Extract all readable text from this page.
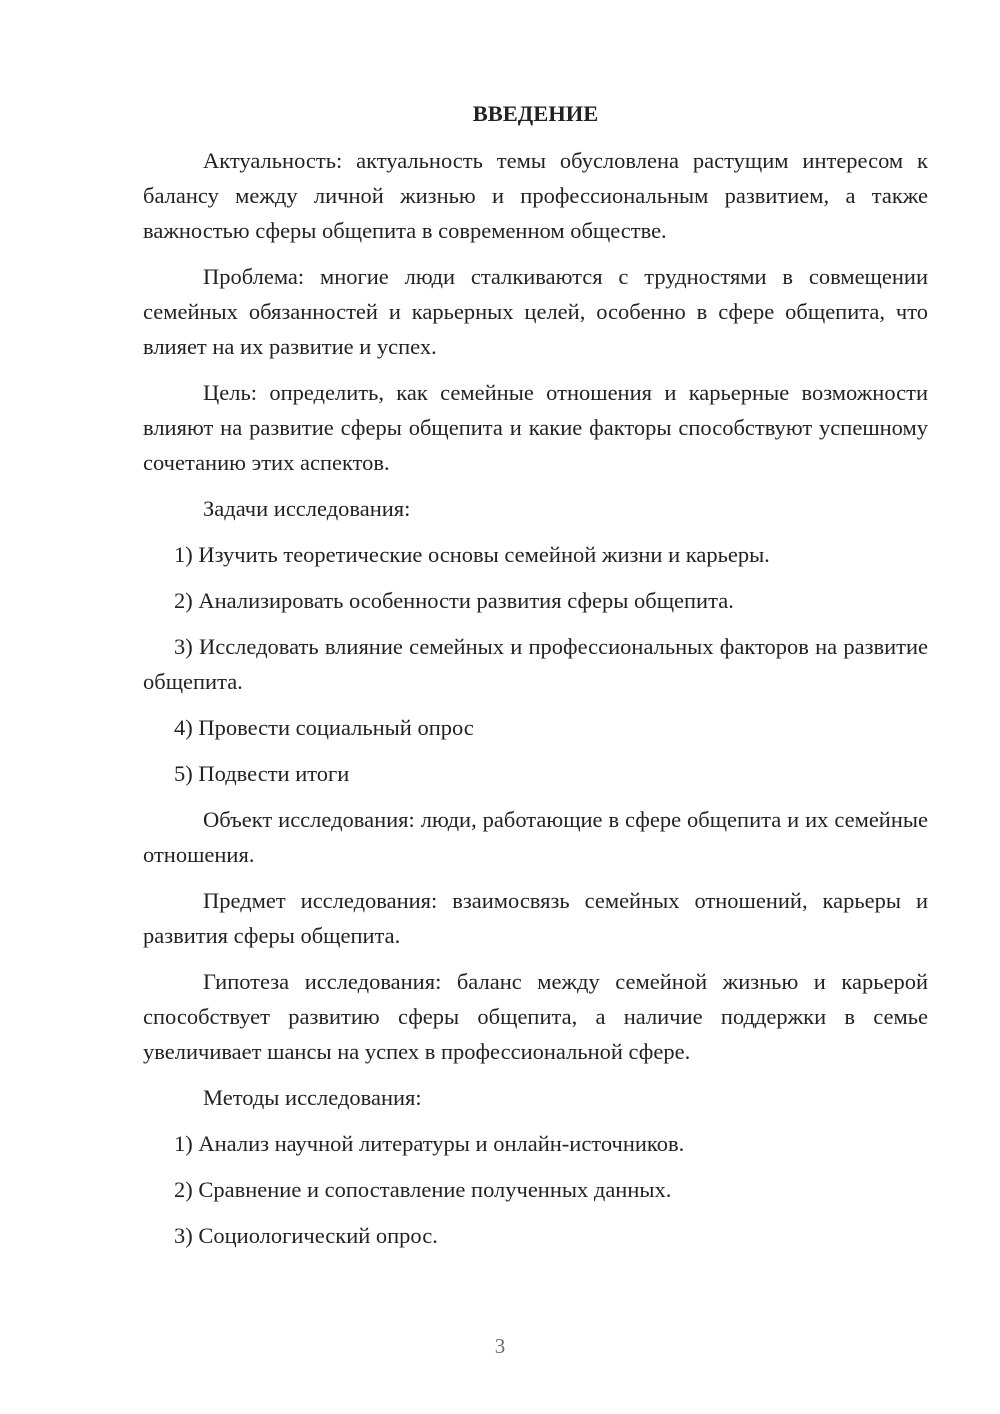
ВВЕДЕНИЕ

Актуальность: актуальность темы обусловлена растущим интересом к балансу между личной жизнью и профессиональным развитием, а также важностью сферы общепита в современном обществе.

Проблема: многие люди сталкиваются с трудностями в совмещении семейных обязанностей и карьерных целей, особенно в сфере общепита, что влияет на их развитие и успех.

Цель: определить, как семейные отношения и карьерные возможности влияют на развитие сферы общепита и какие факторы способствуют успешному сочетанию этих аспектов.

Задачи исследования:

1) Изучить теоретические основы семейной жизни и карьеры.

2) Анализировать особенности развития сферы общепита.

3) Исследовать влияние семейных и профессиональных факторов на развитие общепита.

4) Провести социальный опрос

5) Подвести итоги

Объект исследования: люди, работающие в сфере общепита и их семейные отношения.

Предмет исследования: взаимосвязь семейных отношений, карьеры и развития сферы общепита.

Гипотеза исследования: баланс между семейной жизнью и карьерой способствует развитию сферы общепита, а наличие поддержки в семье увеличивает шансы на успех в профессиональной сфере.

Методы исследования:

1) Анализ научной литературы и онлайн-источников.

2) Сравнение и сопоставление полученных данных.

3) Социологический опрос.

3
